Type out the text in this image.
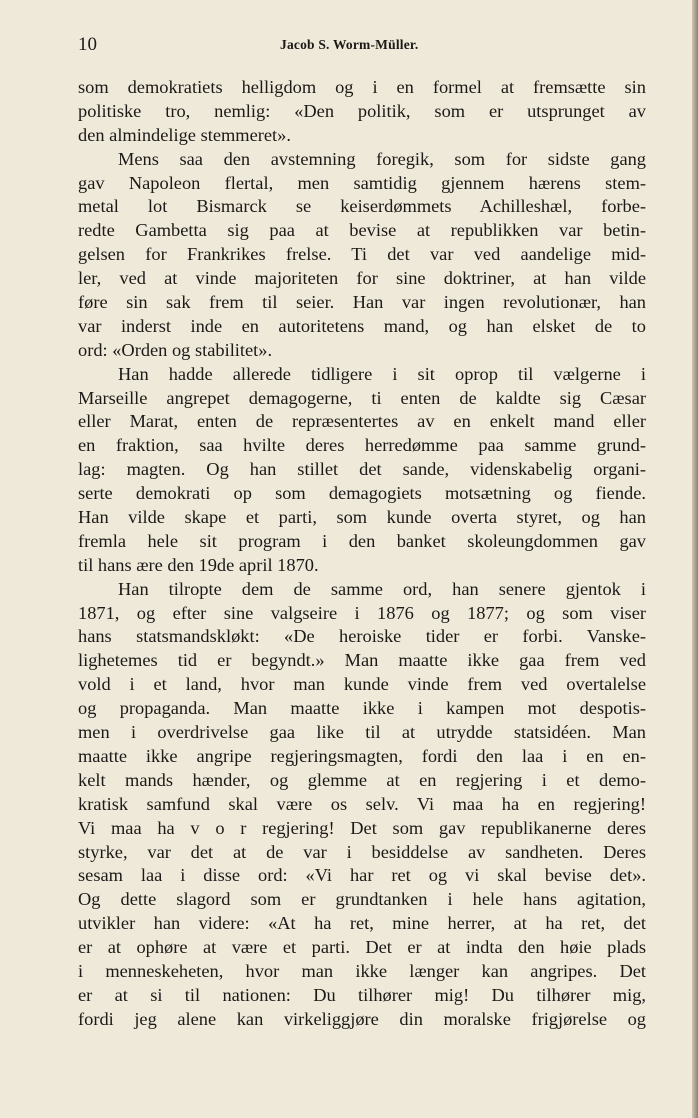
10	Jacob S. Worm-Müller.
som demokratiets helligdom og i en formel at fremsætte sin
politiske tro, nemlig: «Den politik, som er utsprunget av
den almindelige stemmeret».
Mens saa den avstemning foregik, som for sidste gang
gav Napoleon flertal, men samtidig gjennem hærens stem-
metal lot Bismarck se keiserdømmets Achilleshæl, forbe-
redte Gambetta sig paa at bevise at republikken var betin-
gelsen for Frankrikes frelse. Ti det var ved aandelige mid-
ler, ved at vinde majoriteten for sine doktriner, at han vilde
føre sin sak frem til seier. Han var ingen revolutionær, han
var inderst inde en autoritetens mand, og han elsket de to
ord: «Orden og stabilitet».
Han hadde allerede tidligere i sit oprop til vælgerne i
Marseille angrepet demagogerne, ti enten de kaldte sig Cæsar
eller Marat, enten de repræsentertes av en enkelt mand eller
en fraktion, saa hvilte deres herredømme paa samme grund-
lag: magten. Og han stillet det sande, videnskabelig organi-
serte demokrati op som demagogiets motsætning og fiende.
Han vilde skape et parti, som kunde overta styret, og han
fremla hele sit program i den banket skoleungdommen gav
til hans ære den 19de april 1870.
Han tilropte dem de samme ord, han senere gjentok i
1871, og efter sine valgseire i 1876 og 1877; og som viser
hans statsmandskløkt: «De heroiske tider er forbi. Vanske-
lighetemes tid er begyndt.» Man maatte ikke gaa frem ved
vold i et land, hvor man kunde vinde frem ved overtalelse
og propaganda. Man maatte ikke i kampen mot despotis-
men i overdrivelse gaa like til at utrydde statsidéen. Man
maatte ikke angripe regjeringsmagten, fordi den laa i en en-
kelt mands hænder, og glemme at en regjering i et demo-
kratisk samfund skal være os selv. Vi maa ha en regjering!
Vi maa ha v o r regjering! Det som gav republikanerne deres
styrke, var det at de var i besiddelse av sandheten. Deres
sesam laa i disse ord: «Vi har ret og vi skal bevise det».
Og dette slagord som er grundtanken i hele hans agitation,
utvikler han videre: «At ha ret, mine herrer, at ha ret, det
er at ophøre at være et parti. Det er at indta den høie plads
i menneskeheten, hvor man ikke længer kan angripes. Det
er at si til nationen: Du tilhører mig! Du tilhører mig,
fordi jeg alene kan virkeliggjøre din moralske frigjørelse og
